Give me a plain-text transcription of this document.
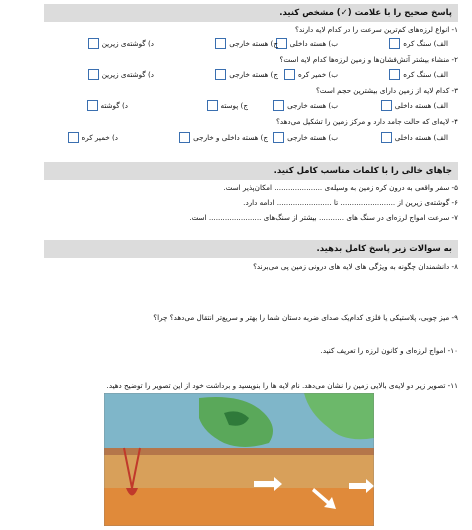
پاسخ صحیح را با علامت (✓) مشخص کنید.
۱- انواع لرزه‌های کم‌ترین سرعت را در کدام لایه دارند؟
الف) سنگ کره
ب) هسته داخلی
ج) هسته خارجی
د) گوشته‌ی زیرین
۲- منشاء بیشتر آتش‌فشان‌ها و زمین لرزه‌ها کدام لایه است؟
الف) سنگ کره
ب) خمیر کره
ج) هسته خارجی
د) گوشته‌ی زیرین
۳- کدام لایه از زمین دارای بیشترین حجم است؟
الف) هسته داخلی
ب) هسته خارجی
ج) پوسته
د) گوشته
۴- لایه‌ای که حالت جامد دارد و مرکز زمین را تشکیل می‌دهد؟
الف) هسته داخلی
ب) هسته خارجی
ج) هسته داخلی و خارجی
د) خمیر کره
جاهای خالی را با کلمات مناسب کامل کنید.
۵- سفر واقعی به درون کره زمین به وسیله‌ی ..................... امکان‌پذیر است.
۶- گوشته‌ی زیرین از ........................ تا ........................ ادامه دارد.
۷- سرعت امواج لرزه‌ای در سنگ های ........... بیشتر از سنگ‌های ....................... است.
به سوالات زیر پاسخ کامل بدهید.
۸- دانشمندان چگونه به ویژگی های لایه های درونی زمین پی می‌برند؟
۹- میز چوبی، پلاستیکی یا فلزی کدام‌یک صدای ضربه دستان شما را بهتر و سریع‌تر انتقال می‌دهد؟ چرا؟
۱۰- امواج لرزه‌ای و کانون لرزه را تعریف کنید.
۱۱- تصویر زیر دو لایه‌ی بالایی زمین را نشان می‌دهد. نام لایه ها را بنویسید و برداشت خود از این تصویر را توضیح دهید.
